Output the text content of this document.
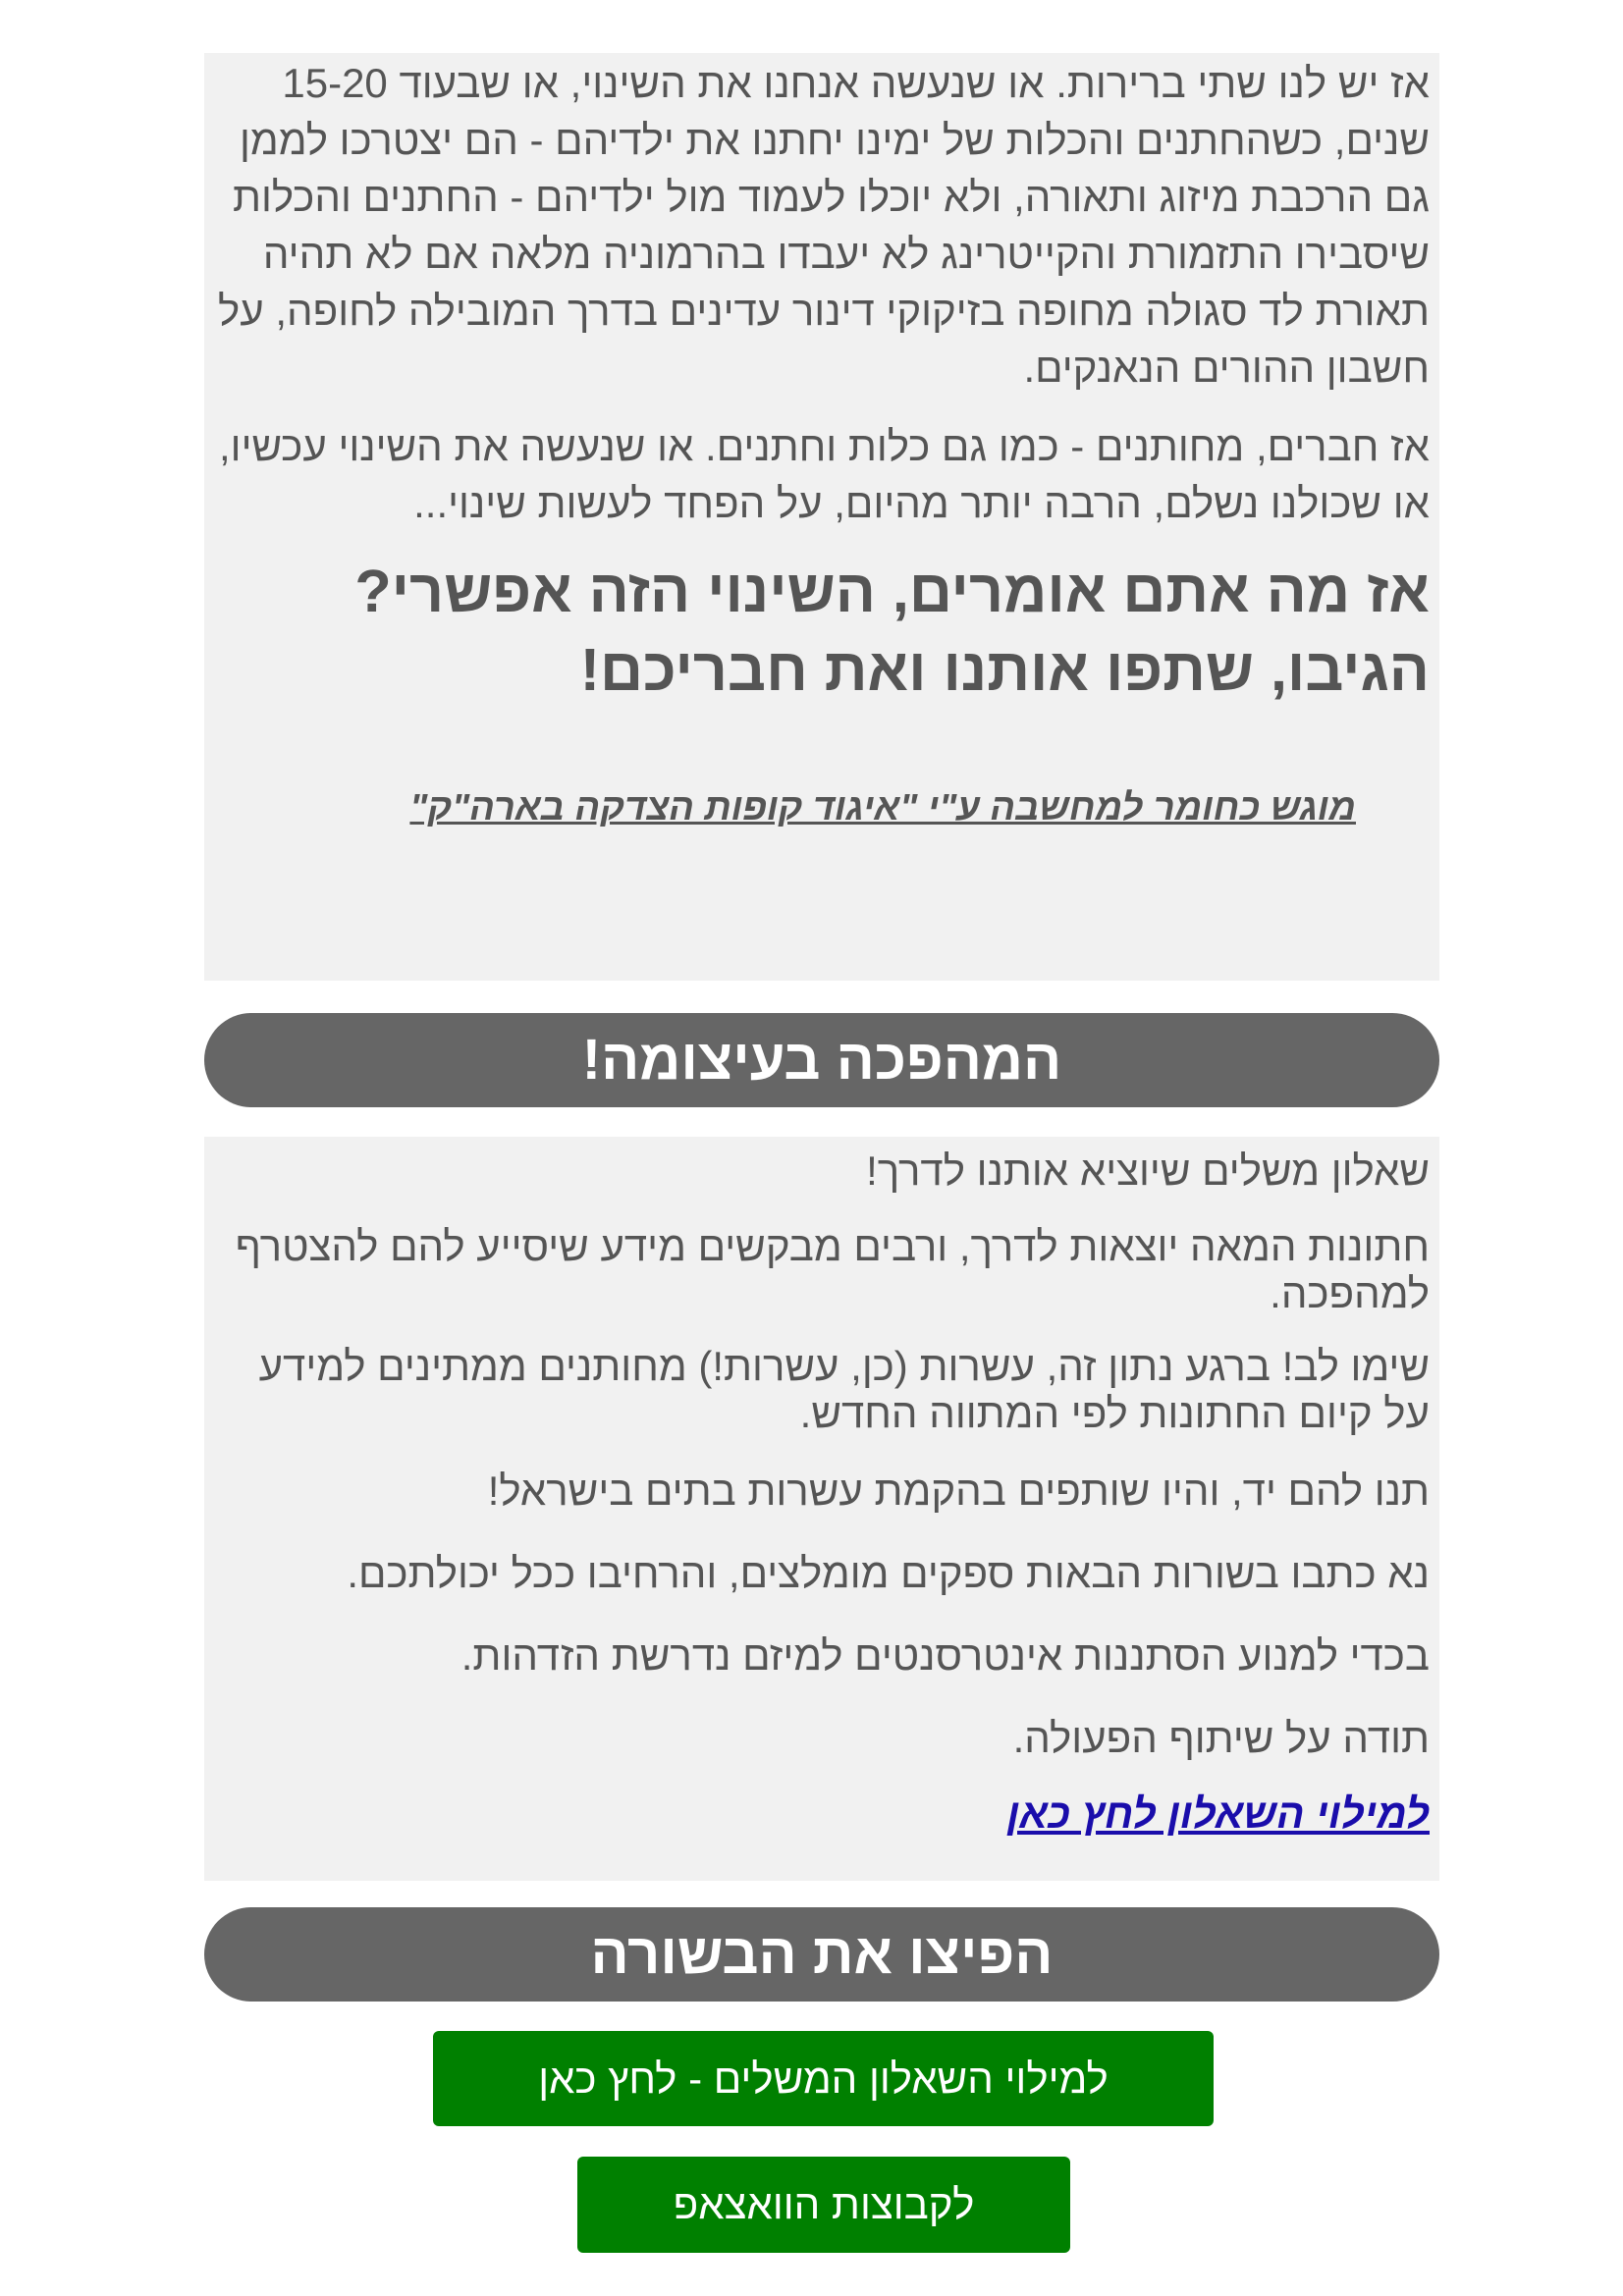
אז יש לנו שתי ברירות. או שנעשה אנחנו את השינוי, או שבעוד 15-20 שנים, כשהחתנים והכלות של ימינו יחתנו את ילדיהם - הם יצטרכו לממן גם הרכבת מיזוג ותאורה, ולא יוכלו לעמוד מול ילדיהם - החתנים והכלות שיסבירו התזמורת והקייטרינג לא יעבדו בהרמוניה מלאה אם לא תהיה תאורת לד סגולה מחופה בזיקוקי דינור עדינים בדרך המובילה לחופה, על חשבון ההורים הנאנקים.

אז חברים, מחותנים - כמו גם כלות וחתנים. או שנעשה את השינוי עכשיו, או שכולנו נשלם, הרבה יותר מהיום, על הפחד לעשות שינוי...

אז מה אתם אומרים, השינוי הזה אפשרי?

הגיבו, שתפו אותנו ואת חבריכם!

מוגש כחומר למחשבה ע"י "איגוד קופות הצדקה בארה"ק"

המהפכה בעיצומה!

שאלון משלים שיוציא אותנו לדרך!

חתונות המאה יוצאות לדרך, ורבים מבקשים מידע שיסייע להם להצטרף למהפכה.

שימו לב! ברגע נתון זה, עשרות (כן, עשרות!) מחותנים ממתינים למידע על קיום החתונות לפי המתווה החדש.

תנו להם יד, והיו שותפים בהקמת עשרות בתים בישראל!

נא כתבו בשורות הבאות ספקים מומלצים, והרחיבו ככל יכולתכם.

בכדי למנוע הסתננות אינטרסנטים למיזם נדרשת הזדהות.

תודה על שיתוף הפעולה.

למילוי השאלון לחץ כאן

הפיצו את הבשורה
למילוי השאלון המשלים - לחץ כאן
לקבוצות הוואצאפ
